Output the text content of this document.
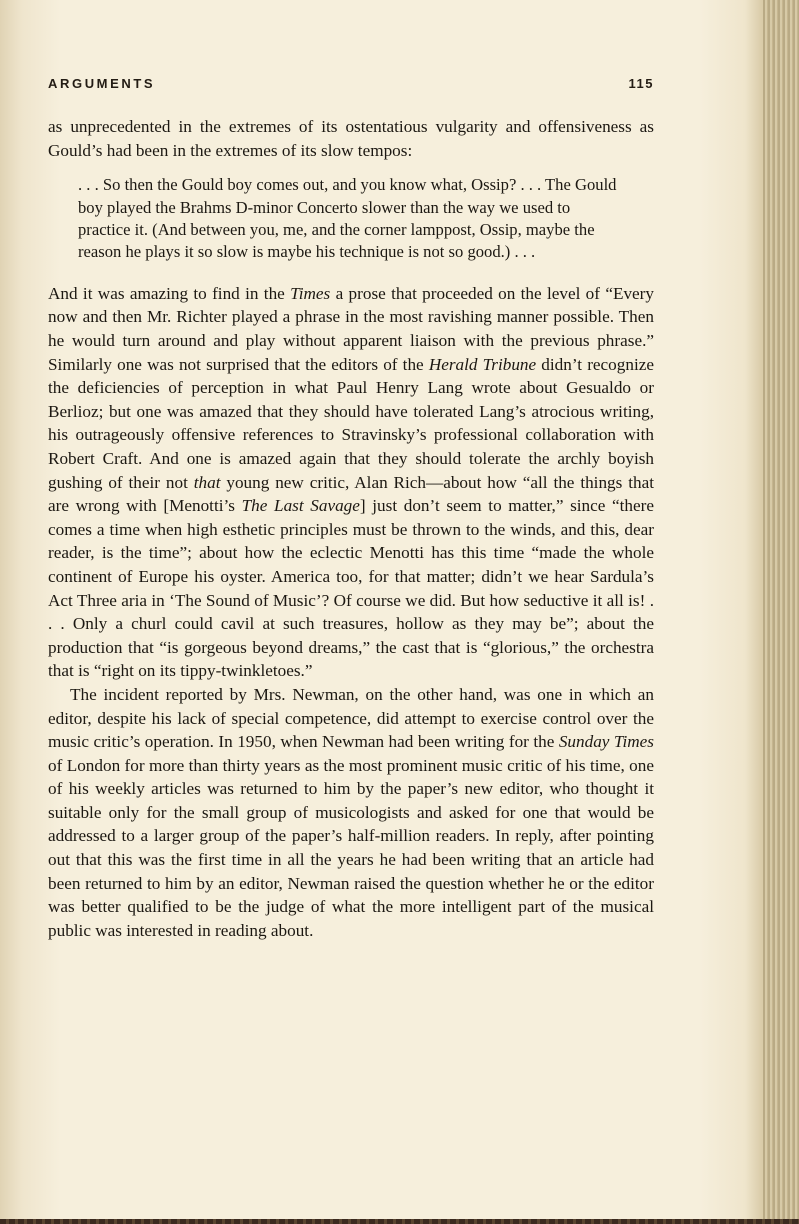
ARGUMENTS	115

as unprecedented in the extremes of its ostentatious vulgarity and offensiveness as Gould’s had been in the extremes of its slow tempos:

. . . So then the Gould boy comes out, and you know what, Ossip? . . . The Gould boy played the Brahms D-minor Concerto slower than the way we used to practice it. (And between you, me, and the corner lamppost, Ossip, maybe the reason he plays it so slow is maybe his technique is not so good.) . . .

And it was amazing to find in the Times a prose that proceeded on the level of “Every now and then Mr. Richter played a phrase in the most ravishing manner possible. Then he would turn around and play without apparent liaison with the previous phrase.” Similarly one was not surprised that the editors of the Herald Tribune didn’t recognize the deficiencies of perception in what Paul Henry Lang wrote about Gesualdo or Berlioz; but one was amazed that they should have tolerated Lang’s atrocious writing, his outrageously offensive references to Stravinsky’s professional collaboration with Robert Craft. And one is amazed again that they should tolerate the archly boyish gushing of their not that young new critic, Alan Rich—about how “all the things that are wrong with [Menotti’s The Last Savage] just don’t seem to matter,” since “there comes a time when high esthetic principles must be thrown to the winds, and this, dear reader, is the time”; about how the eclectic Menotti has this time “made the whole continent of Europe his oyster. America too, for that matter; didn’t we hear Sardula’s Act Three aria in ‘The Sound of Music’? Of course we did. But how seductive it all is! . . . Only a churl could cavil at such treasures, hollow as they may be”; about the production that “is gorgeous beyond dreams,” the cast that is “glorious,” the orchestra that is “right on its tippy-twinkletoes.”

The incident reported by Mrs. Newman, on the other hand, was one in which an editor, despite his lack of special competence, did attempt to exercise control over the music critic’s operation. In 1950, when Newman had been writing for the Sunday Times of London for more than thirty years as the most prominent music critic of his time, one of his weekly articles was returned to him by the paper’s new editor, who thought it suitable only for the small group of musicologists and asked for one that would be addressed to a larger group of the paper’s half-million readers. In reply, after pointing out that this was the first time in all the years he had been writing that an article had been returned to him by an editor, Newman raised the question whether he or the editor was better qualified to be the judge of what the more intelligent part of the musical public was interested in reading about.
